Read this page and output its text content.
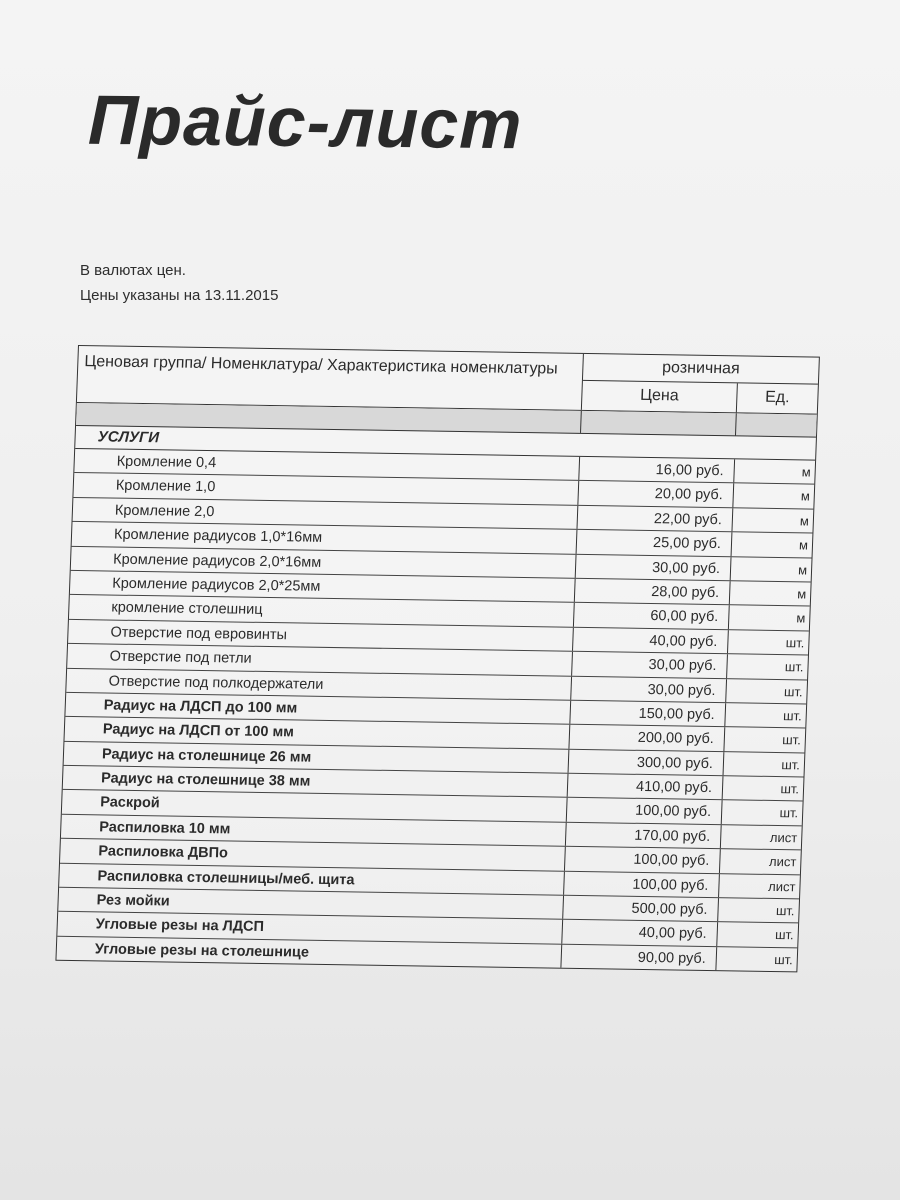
Прайс-лист
В валютах цен.
Цены указаны на 13.11.2015
Ценовая группа/ Номенклатура/ Характеристика номенклатуры	розничная
Цена	Ед.
УСЛУГИ
Кромление 0,4	16,00 руб.	м
Кромление 1,0	20,00 руб.	м
Кромление 2,0	22,00 руб.	м
Кромление радиусов 1,0*16мм	25,00 руб.	м
Кромление радиусов 2,0*16мм	30,00 руб.	м
Кромление радиусов 2,0*25мм	28,00 руб.	м
кромление столешниц	60,00 руб.	м
Отверстие под евровинты	40,00 руб.	шт.
Отверстие под петли	30,00 руб.	шт.
Отверстие под полкодержатели	30,00 руб.	шт.
Радиус на ЛДСП до 100 мм	150,00 руб.	шт.
Радиус на ЛДСП от 100 мм	200,00 руб.	шт.
Радиус на столешнице 26 мм	300,00 руб.	шт.
Радиус на столешнице 38 мм	410,00 руб.	шт.
Раскрой	100,00 руб.	шт.
Распиловка 10 мм	170,00 руб.	лист
Распиловка ДВПо	100,00 руб.	лист
Распиловка столешницы/меб. щита	100,00 руб.	лист
Рез мойки	500,00 руб.	шт.
Угловые резы на ЛДСП	40,00 руб.	шт.
Угловые резы на столешнице	90,00 руб.	шт.
